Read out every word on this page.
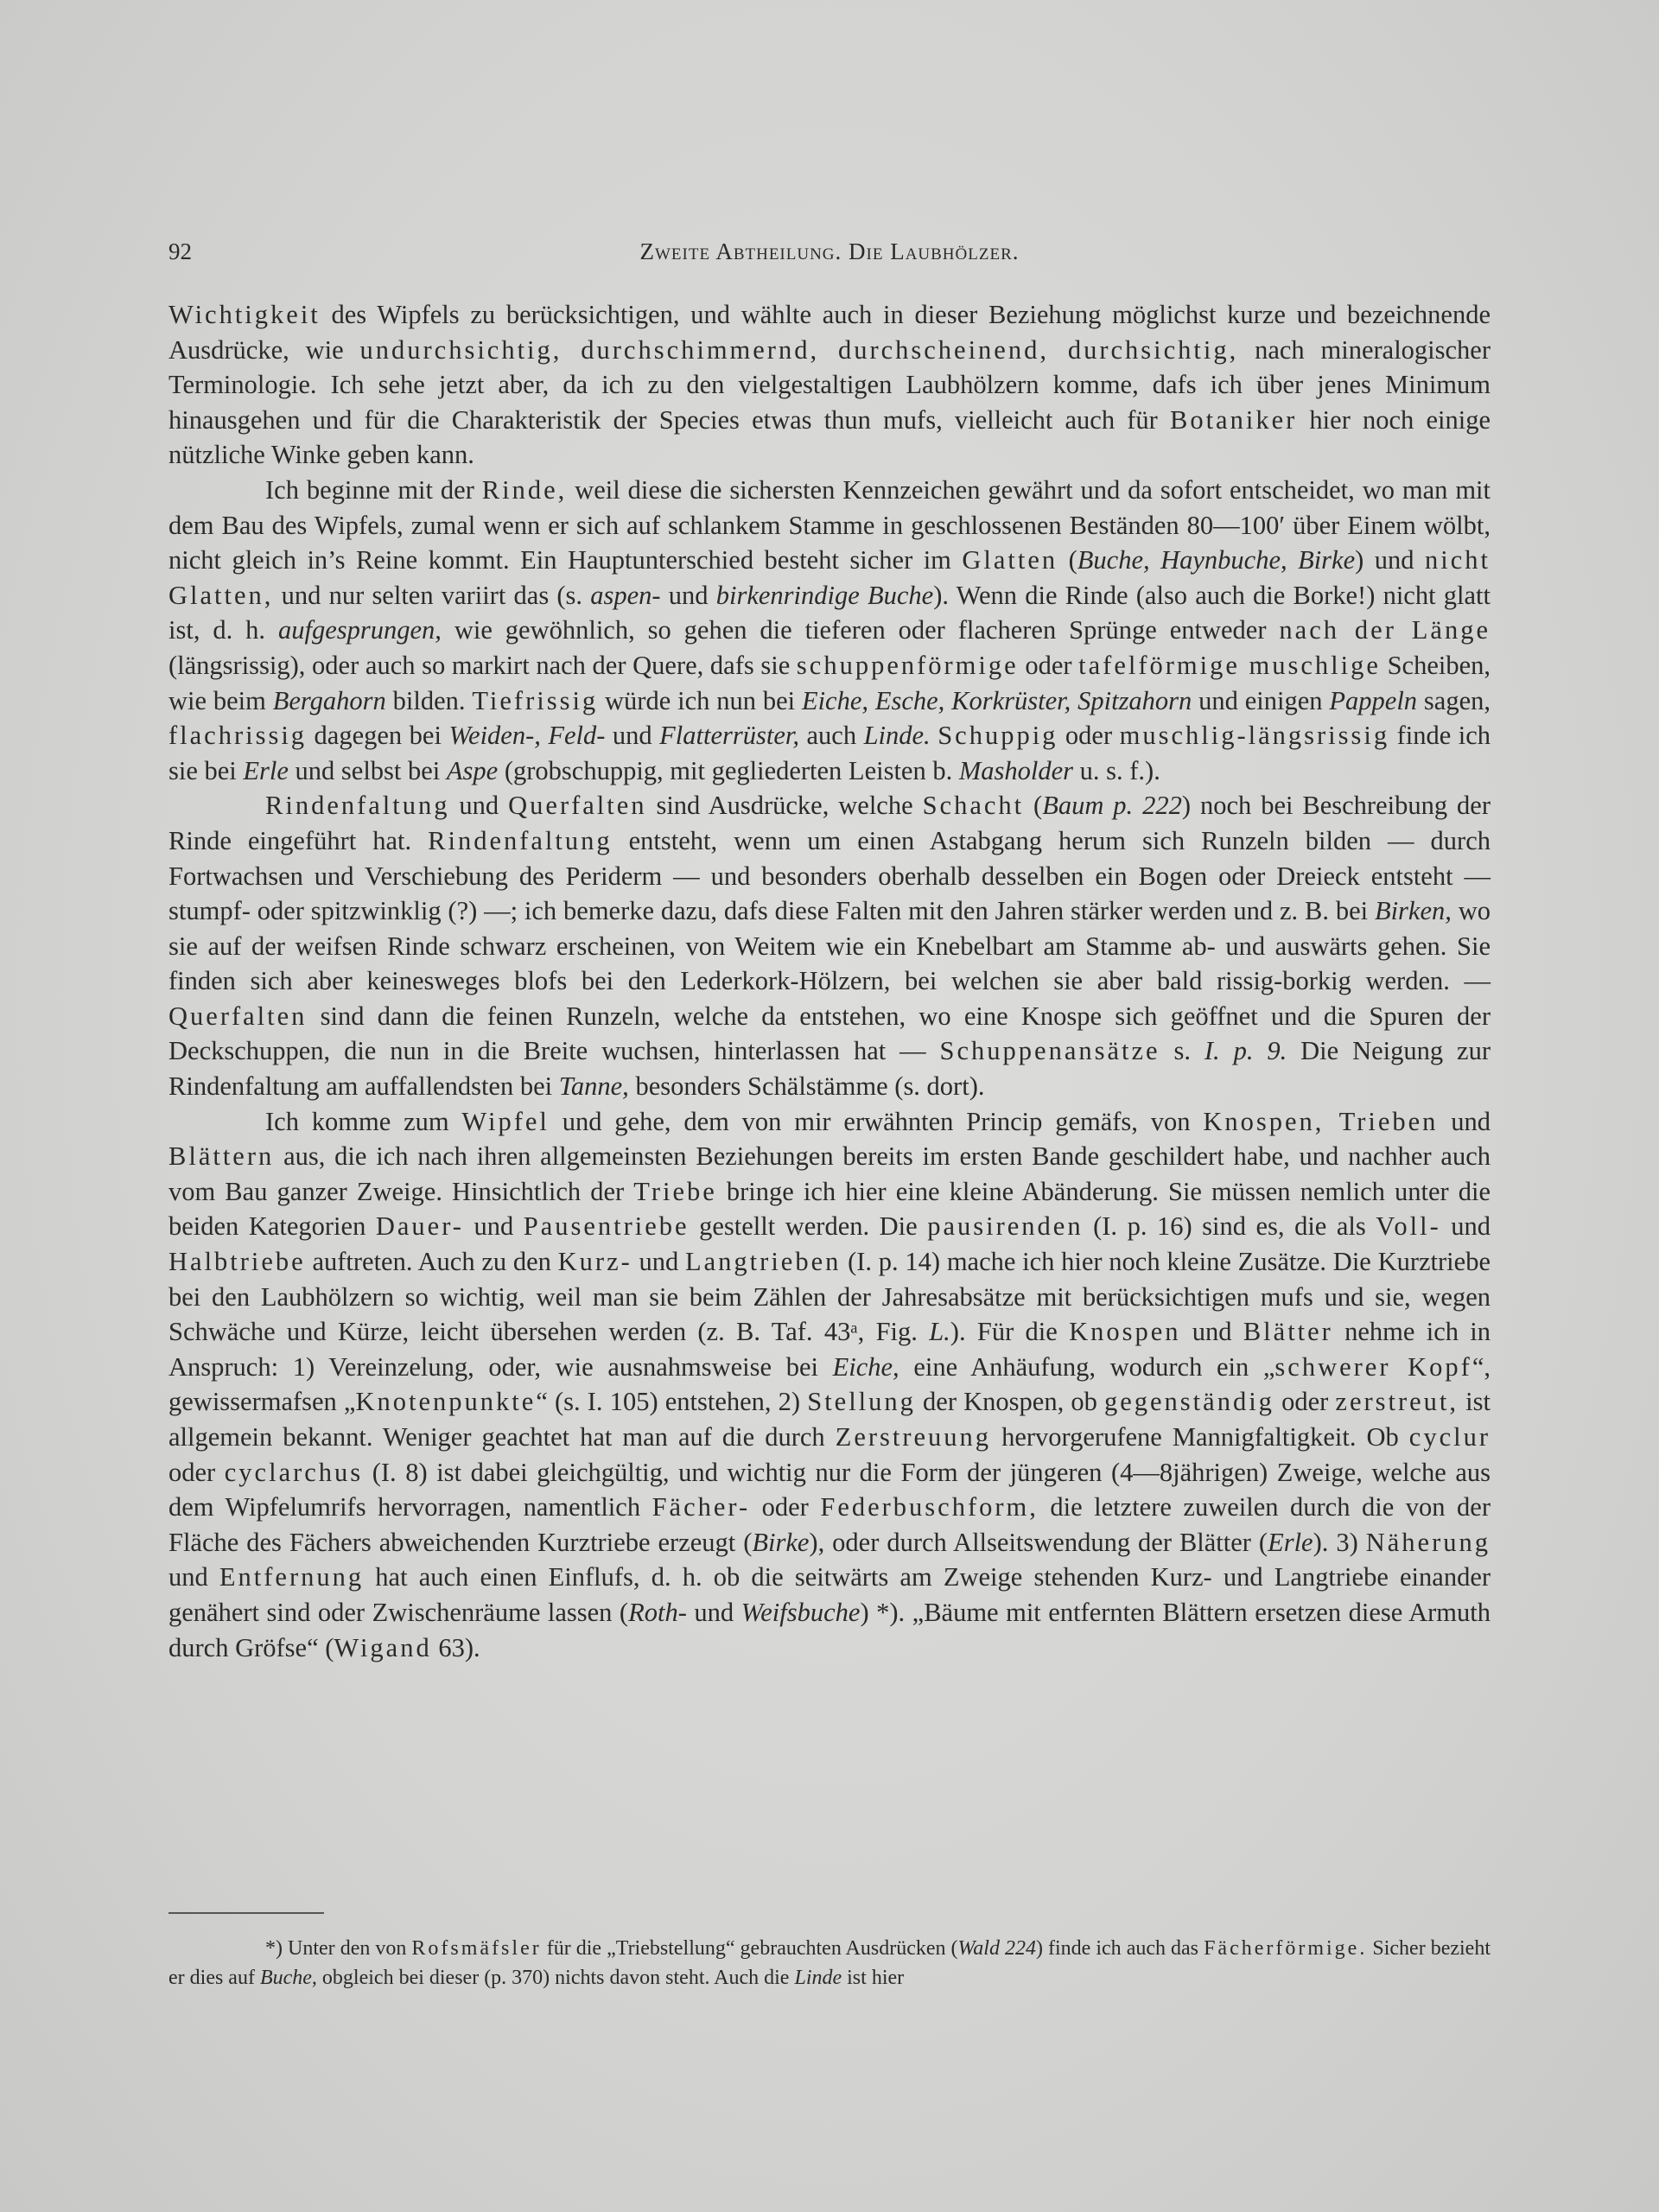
92	Zweite Abtheilung. Die Laubhölzer.

Wichtigkeit des Wipfels zu berücksichtigen, und wählte auch in dieser Beziehung möglichst kurze und bezeichnende Ausdrücke, wie undurchsichtig, durchschimmernd, durchscheinend, durchsichtig, nach mineralogischer Terminologie. Ich sehe jetzt aber, da ich zu den vielgestaltigen Laubhölzern komme, dafs ich über jenes Minimum hinausgehen und für die Charakteristik der Species etwas thun mufs, vielleicht auch für Botaniker hier noch einige nützliche Winke geben kann.

Ich beginne mit der Rinde, weil diese die sichersten Kennzeichen gewährt und da sofort entscheidet, wo man mit dem Bau des Wipfels, zumal wenn er sich auf schlankem Stamme in geschlossenen Beständen 80—100′ über Einem wölbt, nicht gleich in’s Reine kommt. Ein Hauptunterschied besteht sicher im Glatten (Buche, Haynbuche, Birke) und nicht Glatten, und nur selten variirt das (s. aspen- und birkenrindige Buche). Wenn die Rinde (also auch die Borke!) nicht glatt ist, d. h. aufgesprungen, wie gewöhnlich, so gehen die tieferen oder flacheren Sprünge entweder nach der Länge (längsrissig), oder auch so markirt nach der Quere, dafs sie schuppenförmige oder tafelförmige muschlige Scheiben, wie beim Bergahorn bilden. Tiefrissig würde ich nun bei Eiche, Esche, Korkrüster, Spitzahorn und einigen Pappeln sagen, flachrissig dagegen bei Weiden-, Feld- und Flatterrüster, auch Linde. Schuppig oder muschlig-längsrissig finde ich sie bei Erle und selbst bei Aspe (grobschuppig, mit gegliederten Leisten b. Masholder u. s. f.).

Rindenfaltung und Querfalten sind Ausdrücke, welche Schacht (Baum p. 222) noch bei Beschreibung der Rinde eingeführt hat. Rindenfaltung entsteht, wenn um einen Astabgang herum sich Runzeln bilden — durch Fortwachsen und Verschiebung des Periderm — und besonders oberhalb desselben ein Bogen oder Dreieck entsteht — stumpf- oder spitzwinklig (?) —; ich bemerke dazu, dafs diese Falten mit den Jahren stärker werden und z. B. bei Birken, wo sie auf der weifsen Rinde schwarz erscheinen, von Weitem wie ein Knebelbart am Stamme ab- und auswärts gehen. Sie finden sich aber keinesweges blofs bei den Lederkork-Hölzern, bei welchen sie aber bald rissig-borkig werden. — Querfalten sind dann die feinen Runzeln, welche da entstehen, wo eine Knospe sich geöffnet und die Spuren der Deckschuppen, die nun in die Breite wuchsen, hinterlassen hat — Schuppenansätze s. I. p. 9. Die Neigung zur Rindenfaltung am auffallendsten bei Tanne, besonders Schälstämme (s. dort).

Ich komme zum Wipfel und gehe, dem von mir erwähnten Princip gemäfs, von Knospen, Trieben und Blättern aus, die ich nach ihren allgemeinsten Beziehungen bereits im ersten Bande geschildert habe, und nachher auch vom Bau ganzer Zweige. Hinsichtlich der Triebe bringe ich hier eine kleine Abänderung. Sie müssen nemlich unter die beiden Kategorien Dauer- und Pausentriebe gestellt werden. Die pausirenden (I. p. 16) sind es, die als Voll- und Halbtriebe auftreten. Auch zu den Kurz- und Langtrieben (I. p. 14) mache ich hier noch kleine Zusätze. Die Kurztriebe bei den Laubhölzern so wichtig, weil man sie beim Zählen der Jahresabsätze mit berücksichtigen mufs und sie, wegen Schwäche und Kürze, leicht übersehen werden (z. B. Taf. 43ᵃ, Fig. L.). Für die Knospen und Blätter nehme ich in Anspruch: 1) Vereinzelung, oder, wie ausnahmsweise bei Eiche, eine Anhäufung, wodurch ein „schwerer Kopf“, gewissermafsen „Knotenpunkte“ (s. I. 105) entstehen, 2) Stellung der Knospen, ob gegenständig oder zerstreut, ist allgemein bekannt. Weniger geachtet hat man auf die durch Zerstreuung hervorgerufene Mannigfaltigkeit. Ob cyclur oder cyclarchus (I. 8) ist dabei gleichgültig, und wichtig nur die Form der jüngeren (4—8jährigen) Zweige, welche aus dem Wipfelumrifs hervorragen, namentlich Fächer- oder Federbuschform, die letztere zuweilen durch die von der Fläche des Fächers abweichenden Kurztriebe erzeugt (Birke), oder durch Allseitswendung der Blätter (Erle). 3) Näherung und Entfernung hat auch einen Einflufs, d. h. ob die seitwärts am Zweige stehenden Kurz- und Langtriebe einander genähert sind oder Zwischenräume lassen (Roth- und Weifsbuche) *). „Bäume mit entfernten Blättern ersetzen diese Armuth durch Gröfse“ (Wigand 63).

*) Unter den von Rofsmäfsler für die „Triebstellung“ gebrauchten Ausdrücken (Wald 224) finde ich auch das Fächerförmige. Sicher bezieht er dies auf Buche, obgleich bei dieser (p. 370) nichts davon steht. Auch die Linde ist hier
